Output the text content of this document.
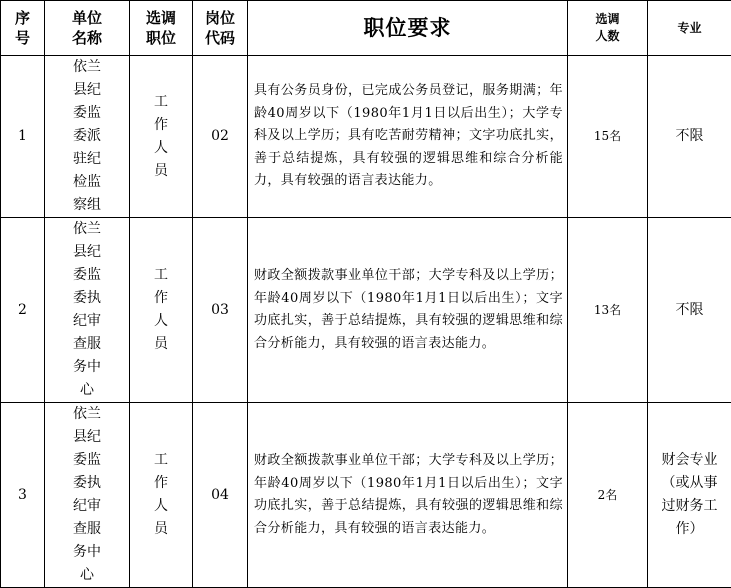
序号	单位名称	选调职位	岗位代码	职位要求	选调人数	专业

1	依兰县纪委监委派驻纪检监察组	工作人员	02	具有公务员身份，已完成公务员登记，服务期满；年龄40周岁以下（1980年1月1日以后出生）；大学专科及以上学历；具有吃苦耐劳精神；文字功底扎实，善于总结提炼，具有较强的逻辑思维和综合分析能力，具有较强的语言表达能力。	15名	不限

2	依兰县纪委监委执纪审查服务中心	工作人员	03	财政全额拨款事业单位干部；大学专科及以上学历；年龄40周岁以下（1980年1月1日以后出生）；文字功底扎实，善于总结提炼，具有较强的逻辑思维和综合分析能力，具有较强的语言表达能力。	13名	不限

3	依兰县纪委监委执纪审查服务中心	工作人员	04	财政全额拨款事业单位干部；大学专科及以上学历；年龄40周岁以下（1980年1月1日以后出生）；文字功底扎实，善于总结提炼，具有较强的逻辑思维和综合分析能力，具有较强的语言表达能力。	2名	财会专业（或从事过财务工作）
